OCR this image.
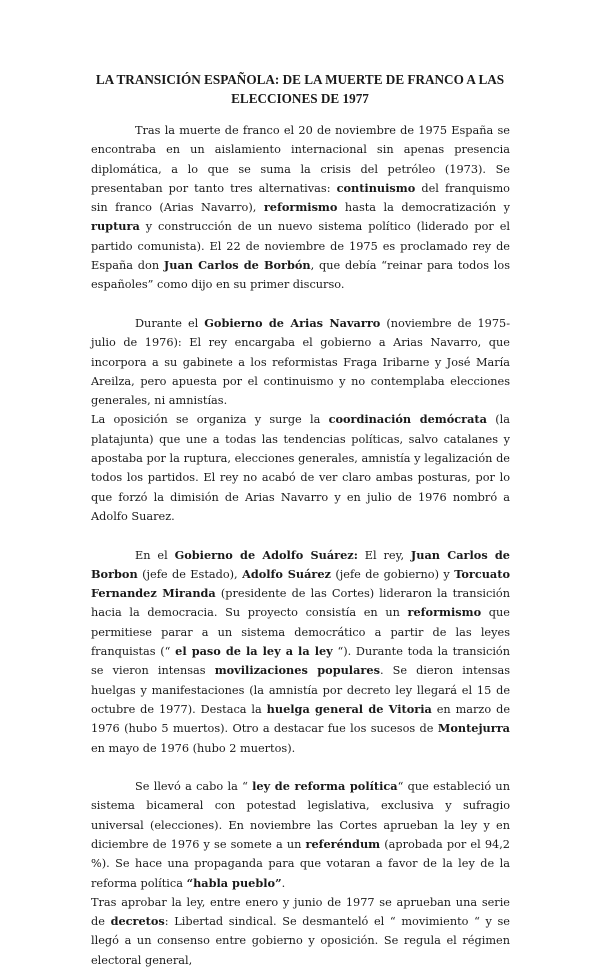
LA TRANSICIÓN ESPAÑOLA: DE LA MUERTE DE FRANCO A LAS ELECCIONES DE 1977

Tras la muerte de franco el 20 de noviembre de 1975 España se encontraba en un aislamiento internacional sin apenas presencia diplomática, a lo que se suma la crisis del petróleo (1973). Se presentaban por tanto tres alternativas: continuismo del franquismo sin franco (Arias Navarro), reformismo hasta la democratización y ruptura y construcción de un nuevo sistema político (liderado por el partido comunista). El 22 de noviembre de 1975 es proclamado rey de España don Juan Carlos de Borbón, que debía “reinar para todos los españoles” como dijo en su primer discurso.

Durante el Gobierno de Arias Navarro (noviembre de 1975-julio de 1976): El rey encargaba el gobierno a Arias Navarro, que incorpora a su gabinete a los reformistas Fraga Iribarne y José María Areilza, pero apuesta por el continuismo y no contemplaba elecciones generales, ni amnistías.

La oposición se organiza y surge la coordinación demócrata (la platajunta) que une a todas las tendencias políticas, salvo catalanes y apostaba por la ruptura, elecciones generales, amnistía y legalización de todos los partidos. El rey no acabó de ver claro ambas posturas, por lo que forzó la dimisión de Arias Navarro y en julio de 1976 nombró a Adolfo Suarez.

En el Gobierno de Adolfo Suárez: El rey, Juan Carlos de Borbon (jefe de Estado), Adolfo Suárez (jefe de gobierno) y Torcuato Fernandez Miranda (presidente de las Cortes) lideraron la transición hacia la democracia. Su proyecto consistía en un reformismo que permitiese parar a un sistema democrático a partir de las leyes franquistas (“ el paso de la ley a la ley “). Durante toda la transición se vieron intensas movilizaciones populares. Se dieron intensas huelgas y manifestaciones (la amnistía por decreto ley llegará el 15 de octubre de 1977). Destaca la huelga general de Vitoria en marzo de 1976 (hubo 5 muertos). Otro a destacar fue los sucesos de Montejurra en mayo de 1976 (hubo 2 muertos).

Se llevó a cabo la “ ley de reforma política“ que estableció un sistema bicameral con potestad legislativa, exclusiva y sufragio universal (elecciones). En noviembre las Cortes aprueban la ley y en diciembre de 1976 y se somete a un referéndum (aprobada por el 94,2 %). Se hace una propaganda para que votaran a favor de la ley de la reforma política “habla pueblo”.

Tras aprobar la ley, entre enero y junio de 1977 se aprueban una serie de decretos: Libertad sindical. Se desmanteló el “ movimiento “ y se llegó a un consenso entre gobierno y oposición. Se regula el régimen electoral general,
